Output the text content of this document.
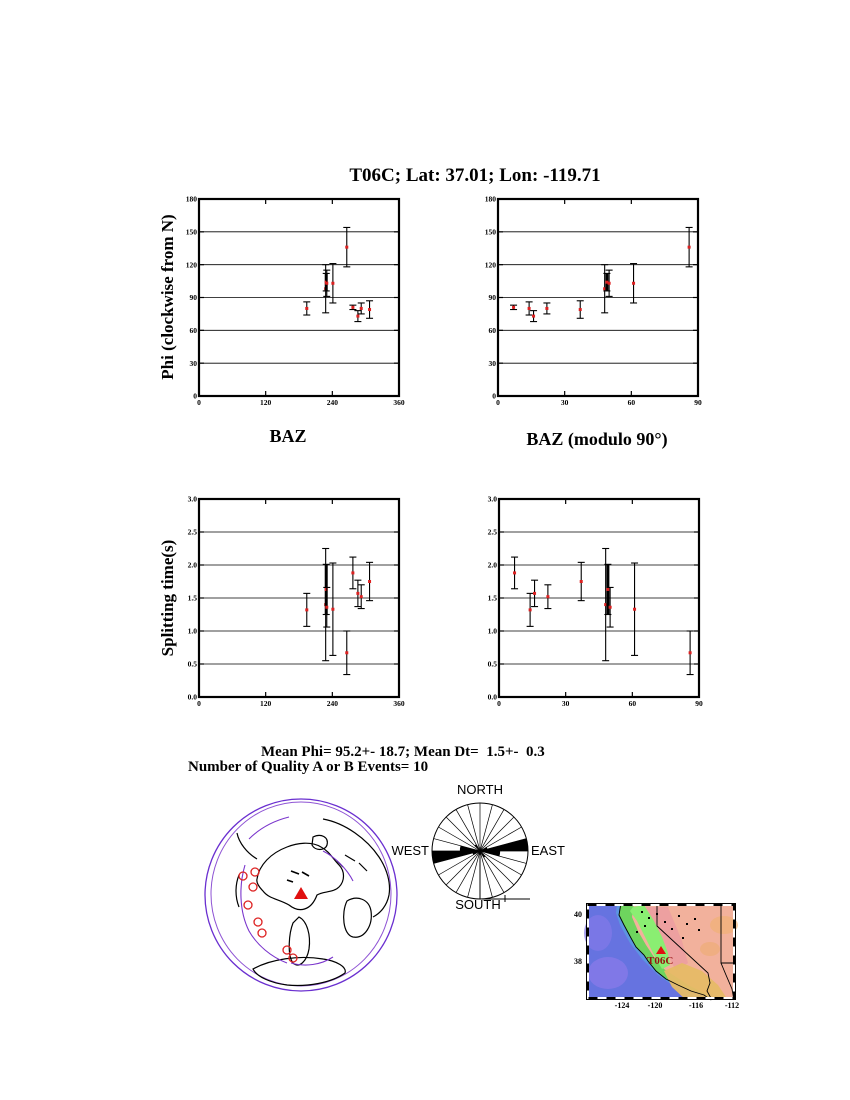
T06C; Lat: 37.01; Lon: -119.71
Phi (clockwise from N)
Splitting time(s)
0
30
60
90
120
150
180
0	120	240	360
0
30
60
90
120
150
180
0	30	60	90
0.0
0.5
1.0
1.5
2.0
2.5
3.0
0	120	240	360
0.0
0.5
1.0
1.5
2.0
2.5
3.0
0	30	60	90
BAZ	BAZ (modulo 90°)
Mean Phi= 95.2+- 18.7; Mean Dt=  1.5+-  0.3
Number of Quality A or B Events= 10
NORTH
EAST
WEST
SOUTH
T06C
-124	-120	-116	-112
40
38
